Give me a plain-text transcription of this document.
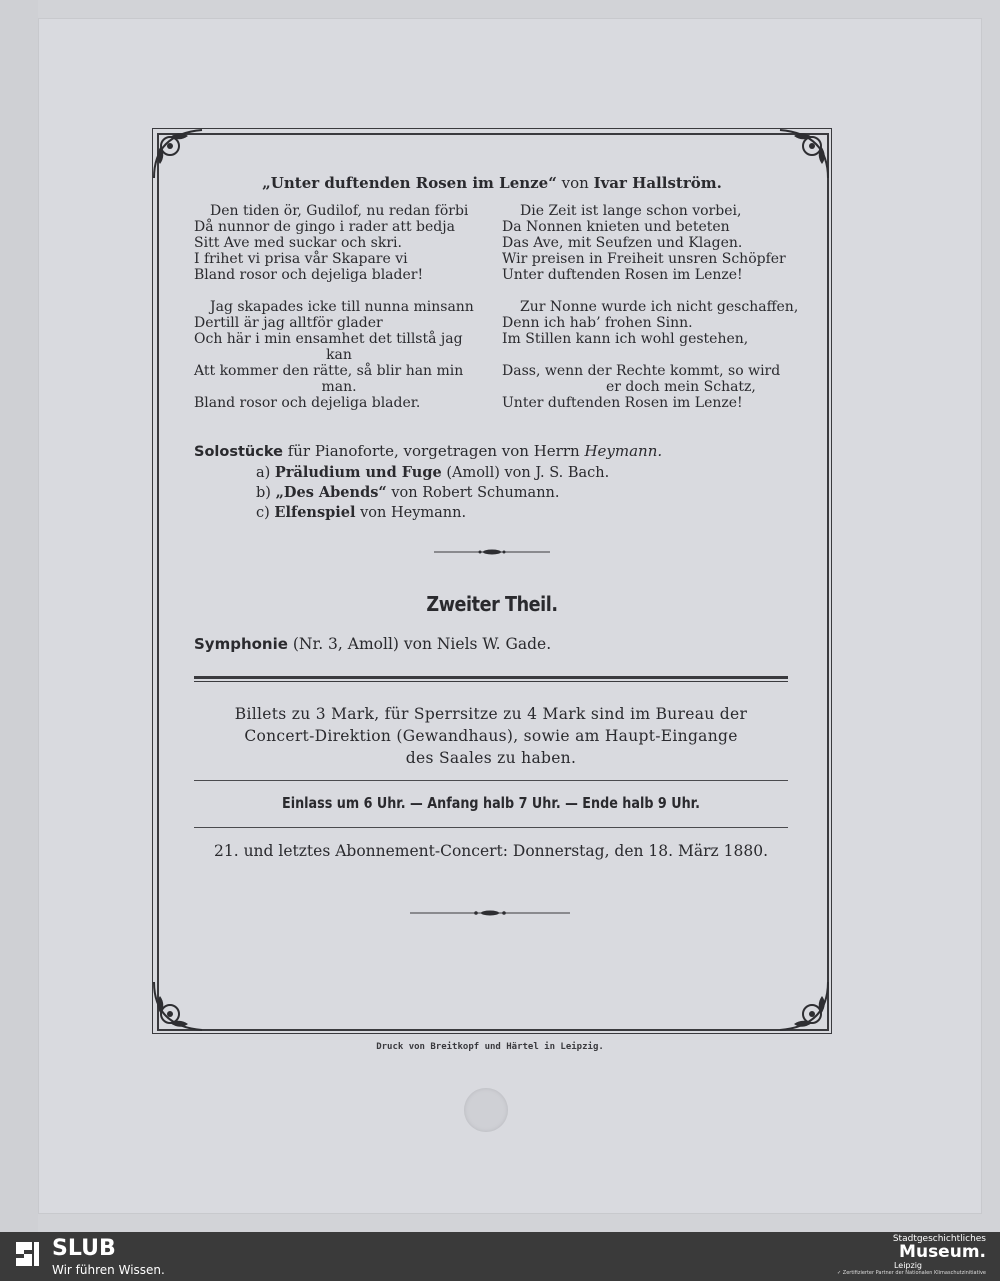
„Unter duftenden Rosen im Lenze“ von Ivar Hallström.
Den tiden ör, Gudilof, nu redan förbi
Då nunnor de gingo i rader att bedja
Sitt Ave med suckar och skri.
I frihet vi prisa vår Skapare vi
Bland rosor och dejeliga blader!
Jag skapades icke till nunna minsann
Dertill är jag alltför glader
Och här i min ensamhet det tillstå jag
kan
Att kommer den rätte, så blir han min
man.
Bland rosor och dejeliga blader.
Die Zeit ist lange schon vorbei,
Da Nonnen knieten und beteten
Das Ave, mit Seufzen und Klagen.
Wir preisen in Freiheit unsren Schöpfer
Unter duftenden Rosen im Lenze!
Zur Nonne wurde ich nicht geschaffen,
Denn ich hab’ frohen Sinn.
Im Stillen kann ich wohl gestehen,
Dass, wenn der Rechte kommt, so wird
er doch mein Schatz,
Unter duftenden Rosen im Lenze!
Solostücke für Pianoforte, vorgetragen von Herrn Heymann.
a) Präludium und Fuge (Amoll) von J. S. Bach.
b) „Des Abends“ von Robert Schumann.
c) Elfenspiel von Heymann.
Zweiter Theil.
Symphonie (Nr. 3, Amoll) von Niels W. Gade.
Billets zu 3 Mark, für Sperrsitze zu 4 Mark sind im Bureau der
Concert-Direktion (Gewandhaus), sowie am Haupt-Eingange
des Saales zu haben.
Einlass um 6 Uhr. — Anfang halb 7 Uhr. — Ende halb 9 Uhr.
21. und letztes Abonnement-Concert: Donnerstag, den 18. März 1880.
Druck von Breitkopf und Härtel in Leipzig.
SLUB
Wir führen Wissen.
Stadtgeschichtliches
Museum.
Leipzig
✓ Zertifizierter Partner der Nationalen Klimaschutzinitiative
